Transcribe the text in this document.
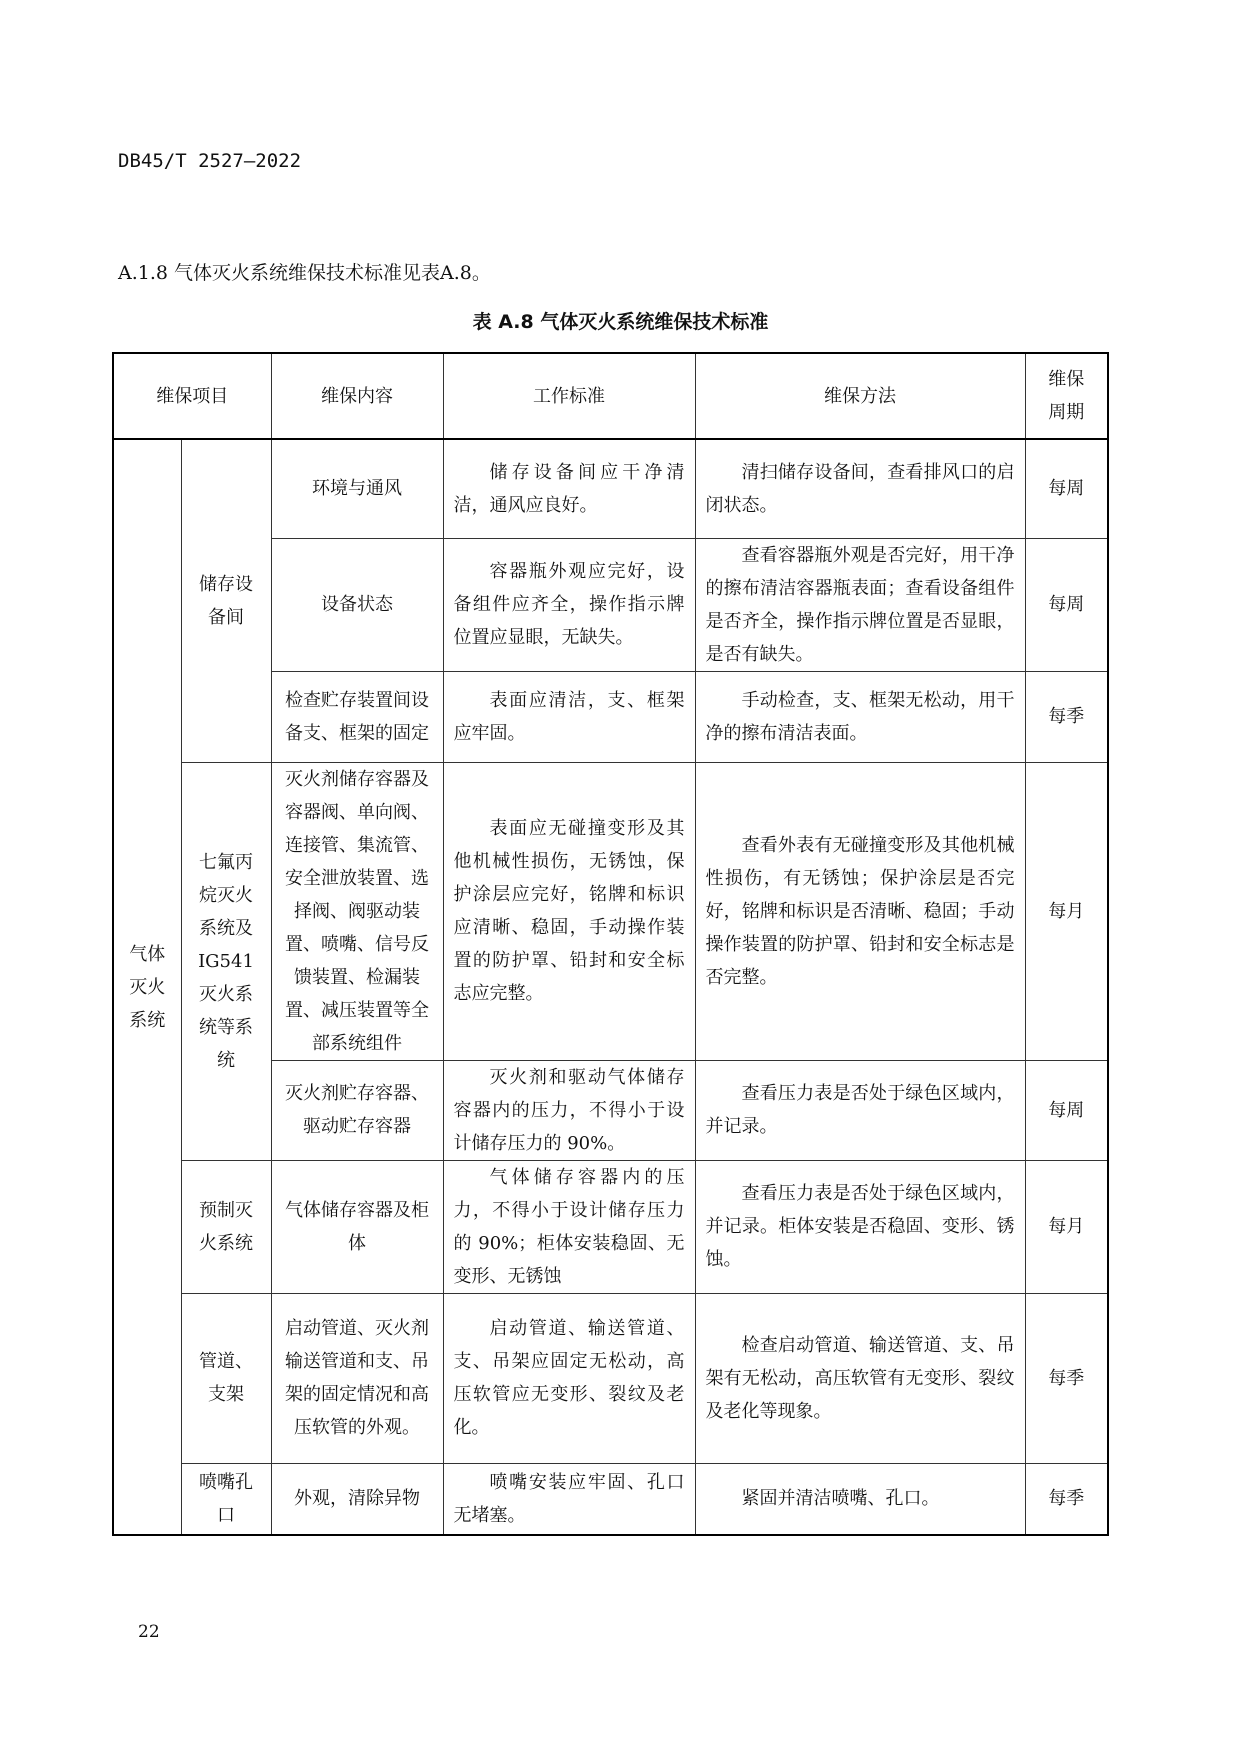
DB45/T 2527—2022
A.1.8 气体灭火系统维保技术标准见表A.8。
表 A.8 气体灭火系统维保技术标准
维保项目		维保内容	工作标准	维保方法	维保周期
气体灭火系统	储存设备间	环境与通风	储存设备间应干净清洁，通风应良好。	清扫储存设备间，查看排风口的启闭状态。	每周
		设备状态	容器瓶外观应完好，设备组件应齐全，操作指示牌位置应显眼，无缺失。	查看容器瓶外观是否完好，用干净的擦布清洁容器瓶表面；查看设备组件是否齐全，操作指示牌位置是否显眼，是否有缺失。	每周
		检查贮存装置间设备支、框架的固定	表面应清洁，支、框架应牢固。	手动检查，支、框架无松动，用干净的擦布清洁表面。	每季
	七氟丙烷灭火系统及IG541灭火系统等系统	灭火剂储存容器及容器阀、单向阀、连接管、集流管、安全泄放装置、选择阀、阀驱动装置、喷嘴、信号反馈装置、检漏装置、减压装置等全部系统组件	表面应无碰撞变形及其他机械性损伤，无锈蚀，保护涂层应完好，铭牌和标识应清晰、稳固，手动操作装置的防护罩、铅封和安全标志应完整。	查看外表有无碰撞变形及其他机械性损伤，有无锈蚀；保护涂层是否完好，铭牌和标识是否清晰、稳固；手动操作装置的防护罩、铅封和安全标志是否完整。	每月
		灭火剂贮存容器、驱动贮存容器	灭火剂和驱动气体储存容器内的压力，不得小于设计储存压力的 90%。	查看压力表是否处于绿色区域内，并记录。	每周
	预制灭火系统	气体储存容器及柜体	气体储存容器内的压力，不得小于设计储存压力的 90%；柜体安装稳固、无变形、无锈蚀	查看压力表是否处于绿色区域内，并记录。柜体安装是否稳固、变形、锈蚀。	每月
	管道、支架	启动管道、灭火剂输送管道和支、吊架的固定情况和高压软管的外观。	启动管道、输送管道、支、吊架应固定无松动，高压软管应无变形、裂纹及老化。	检查启动管道、输送管道、支、吊架有无松动，高压软管有无变形、裂纹及老化等现象。	每季
	喷嘴孔口	外观，清除异物	喷嘴安装应牢固、孔口无堵塞。	紧固并清洁喷嘴、孔口。	每季
22
